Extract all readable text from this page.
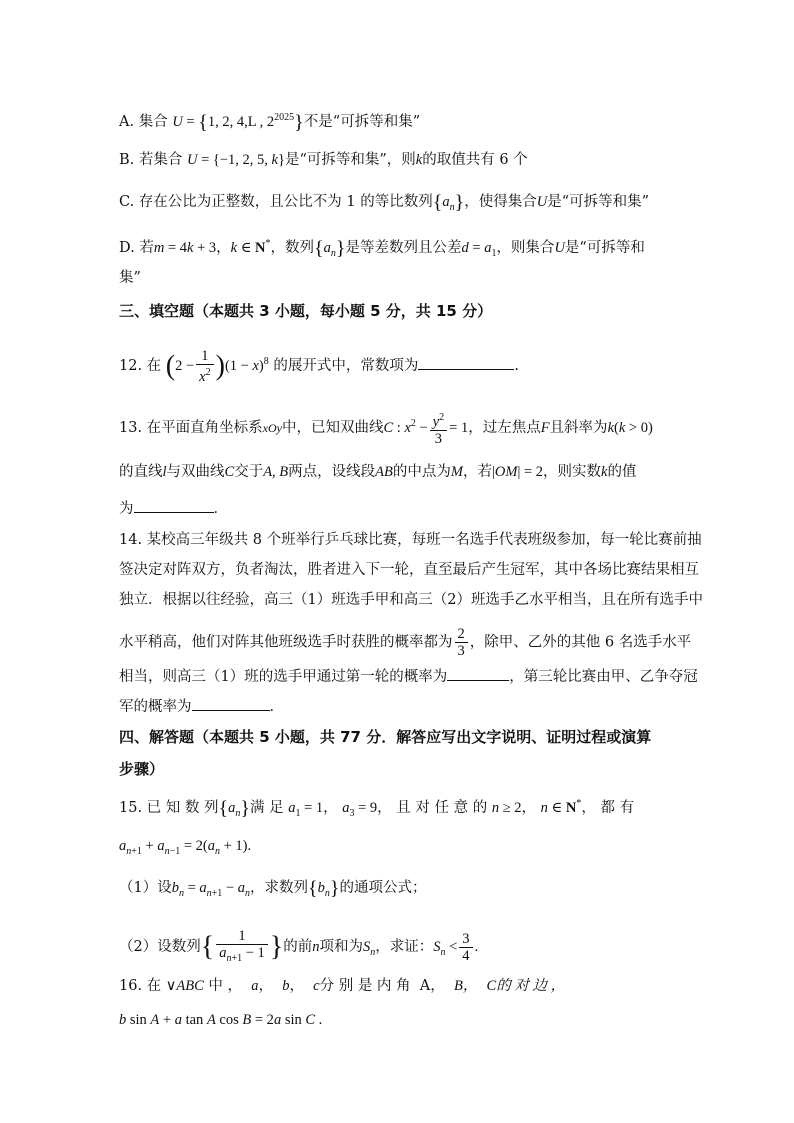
A. 集合 U = {1, 2, 4,L , $2^{2025}$}不是“可拆等和集”
B. 若集合 U = {−1, 2, 5, k}是“可拆等和集”，则k的取值共有 6 个
C. 存在公比为正整数，且公比不为 1 的等比数列$\{a_n\}$，使得集合U是“可拆等和集”
D. 若m = 4k + 3，k ∈ N*，数列$\{a_n\}$是等差数列且公差$d = a_1$，则集合U是“可拆等和
集”
三、填空题（本题共 3 小题，每小题 5 分，共 15 分）
12. 在 $(2 - \frac{1}{x^2} )(1 - x)^8$ 的展开式中，常数项为	.
13. 在平面直角坐标系xOy中，已知双曲线C : $x^2 - \frac{y^2}{3} = 1$，过左焦点F且斜率为k(k > 0)
的直线l与双曲线C交于A, B两点，设线段AB的中点为M，若|OM| = 2，则实数k的值
为	．
14. 某校高三年级共 8 个班举行乒乓球比赛，每班一名选手代表班级参加，每一轮比赛前抽
签决定对阵双方，负者淘汰，胜者进入下一轮，直至最后产生冠军，其中各场比赛结果相互
独立．根据以往经验，高三（1）班选手甲和高三（2）班选手乙水平相当，且在所有选手中
水平稍高，他们对阵其他班级选手时获胜的概率都为 $\frac{2}{3}$ ，除甲、乙外的其他 6 名选手水平
相当，则高三（1）班的选手甲通过第一轮的概率为	，第三轮比赛由甲、乙争夺冠
军的概率为	．
四、解答题（本题共 5 小题，共 77 分．解答应写出文字说明、证明过程或演算
步骤）
15. 已 知 数 列$\{a_n\}$满 足 $a_1 = 1$， $a_3 = 9$， 且 对 任 意 的 n ≥ 2， n ∈ N*， 都 有
$a_{n+1} + a_{n-1} = 2(a_n + 1)$.
（1）设$b_n = a_{n+1} - a_n$，求数列$\{b_n\}$的通项公式；
（2）设数列{ $\frac{1}{a_{n+1} - 1}$ }的前n项和为$S_n$，求证：$S_n < \frac{3}{4}$ .
16. 在 ∨ABC 中 ， a， b， c分 别 是 内 角 A， B， C的 对 边 ，
b sin A + a tan A cos B = 2a sin C .
